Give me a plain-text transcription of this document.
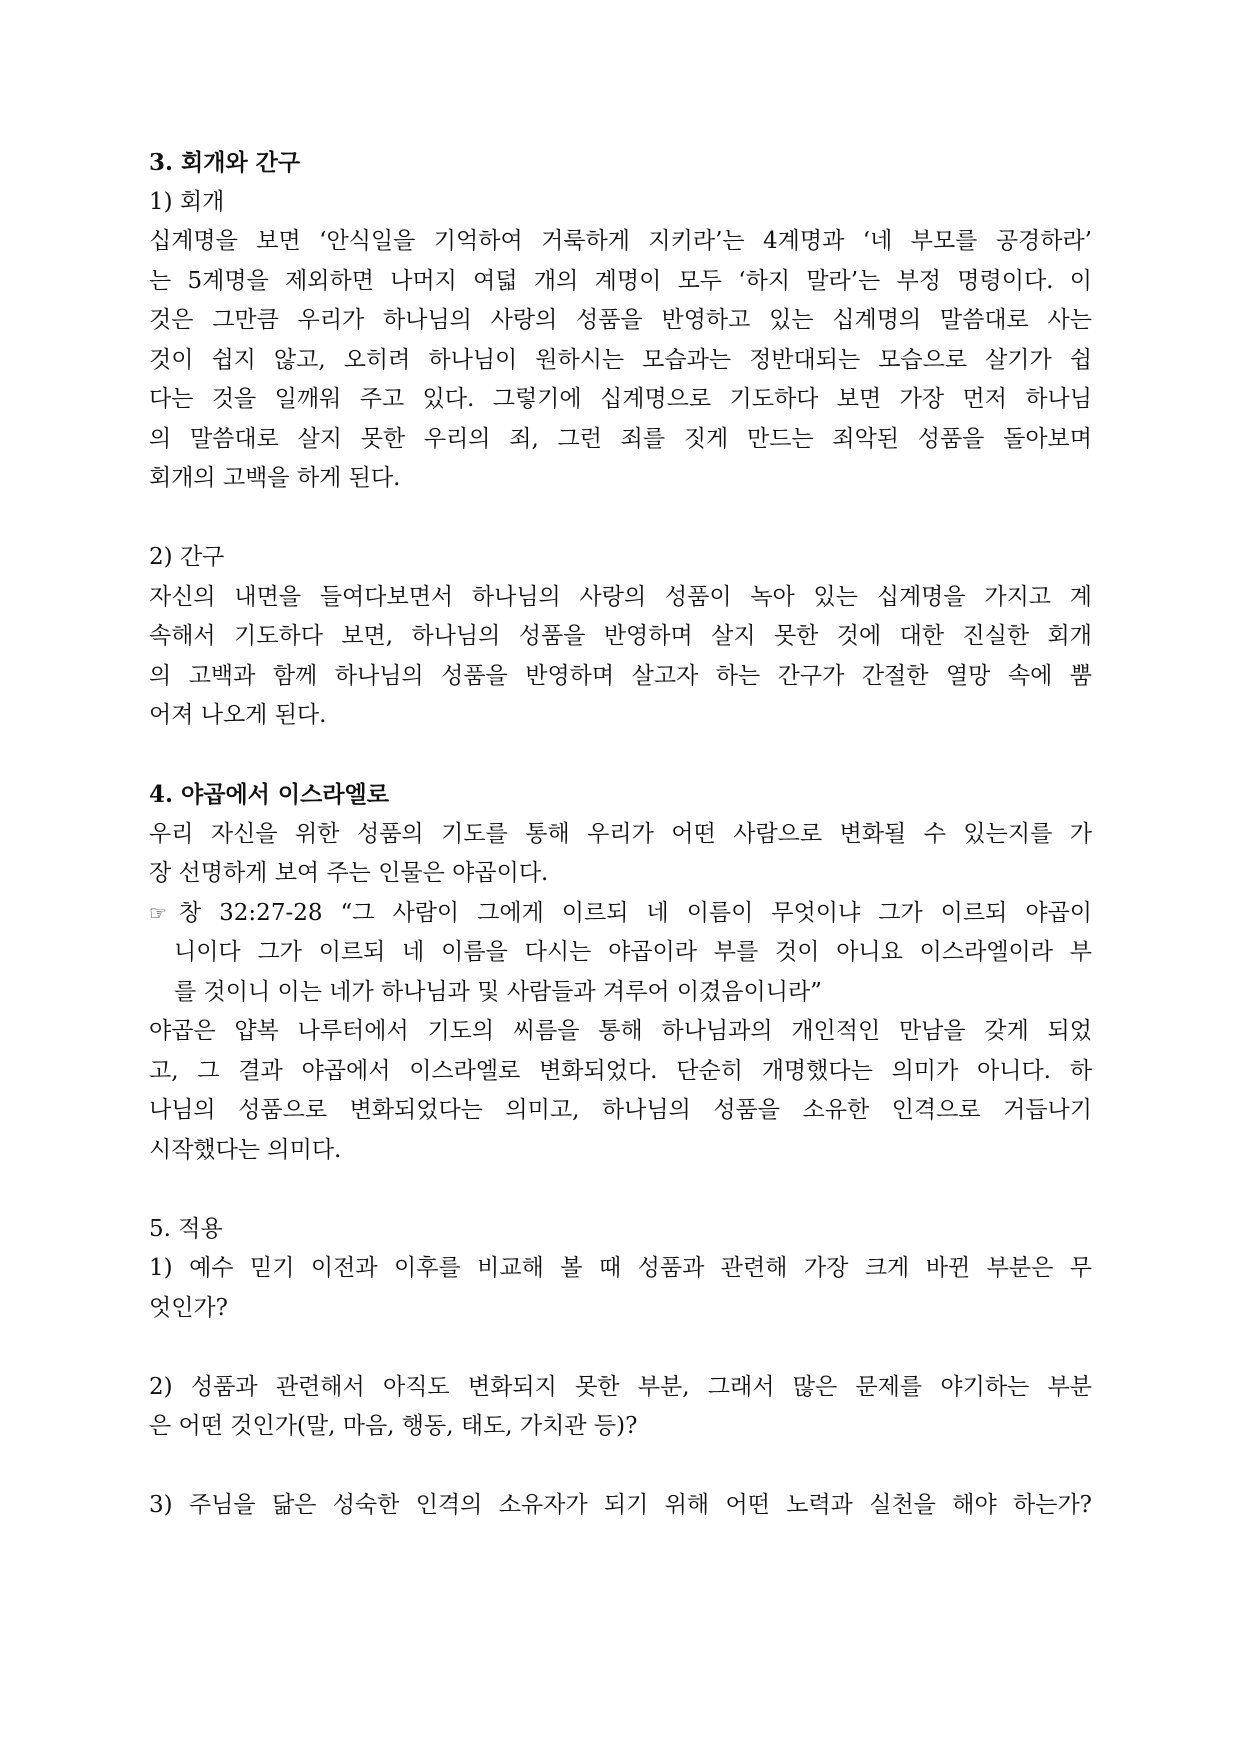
3. 회개와 간구
1) 회개
십계명을 보면 ‘안식일을 기억하여 거룩하게 지키라’는 4계명과 ‘네 부모를 공경하라’
는 5계명을 제외하면 나머지 여덟 개의 계명이 모두 ‘하지 말라’는 부정 명령이다. 이
것은 그만큼 우리가 하나님의 사랑의 성품을 반영하고 있는 십계명의 말씀대로 사는
것이 쉽지 않고, 오히려 하나님이 원하시는 모습과는 정반대되는 모습으로 살기가 쉽
다는 것을 일깨워 주고 있다. 그렇기에 십계명으로 기도하다 보면 가장 먼저 하나님
의 말씀대로 살지 못한 우리의 죄, 그런 죄를 짓게 만드는 죄악된 성품을 돌아보며
회개의 고백을 하게 된다.
2) 간구
자신의 내면을 들여다보면서 하나님의 사랑의 성품이 녹아 있는 십계명을 가지고 계
속해서 기도하다 보면, 하나님의 성품을 반영하며 살지 못한 것에 대한 진실한 회개
의 고백과 함께 하나님의 성품을 반영하며 살고자 하는 간구가 간절한 열망 속에 뿜
어져 나오게 된다.
4. 야곱에서 이스라엘로
우리 자신을 위한 성품의 기도를 통해 우리가 어떤 사람으로 변화될 수 있는지를 가
장 선명하게 보여 주는 인물은 야곱이다.
☞ 창 32:27-28 “그 사람이 그에게 이르되 네 이름이 무엇이냐 그가 이르되 야곱이
니이다 그가 이르되 네 이름을 다시는 야곱이라 부를 것이 아니요 이스라엘이라 부
를 것이니 이는 네가 하나님과 및 사람들과 겨루어 이겼음이니라”
야곱은 얍복 나루터에서 기도의 씨름을 통해 하나님과의 개인적인 만남을 갖게 되었
고, 그 결과 야곱에서 이스라엘로 변화되었다. 단순히 개명했다는 의미가 아니다. 하
나님의 성품으로 변화되었다는 의미고, 하나님의 성품을 소유한 인격으로 거듭나기
시작했다는 의미다.
5. 적용
1) 예수 믿기 이전과 이후를 비교해 볼 때 성품과 관련해 가장 크게 바뀐 부분은 무
엇인가?
2) 성품과 관련해서 아직도 변화되지 못한 부분, 그래서 많은 문제를 야기하는 부분
은 어떤 것인가(말, 마음, 행동, 태도, 가치관 등)?
3) 주님을 닮은 성숙한 인격의 소유자가 되기 위해 어떤 노력과 실천을 해야 하는가?
